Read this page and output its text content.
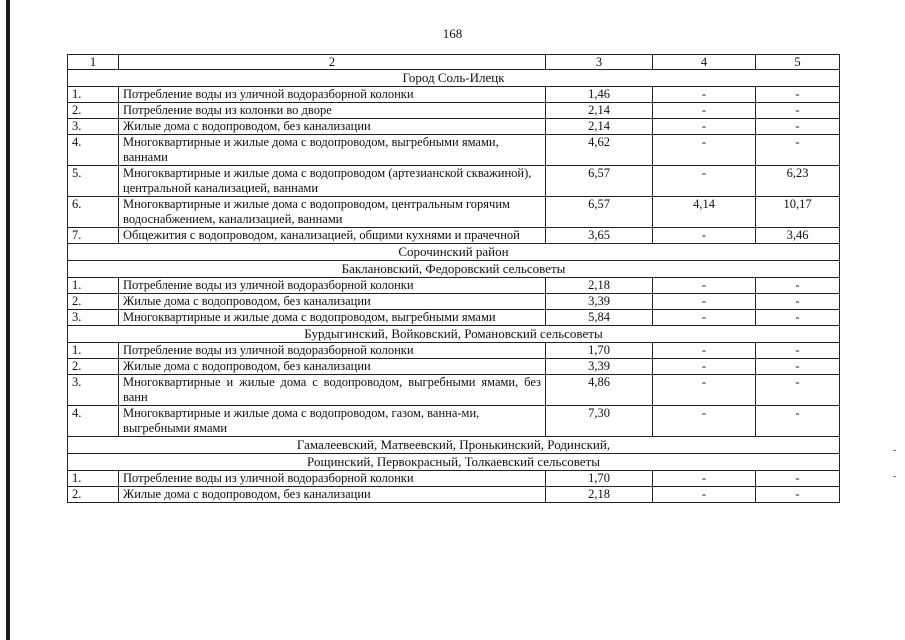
168
1	2	3	4	5
Город Соль-Илецк				
1.	Потребление воды из уличной водоразборной колонки	1,46	-	-
2.	Потребление воды из колонки во дворе	2,14	-	-
3.	Жилые дома с водопроводом, без канализации	2,14	-	-
4.	Многоквартирные и жилые дома с водопроводом, выгребными ямами, ваннами	4,62	-	-
5.	Многоквартирные и жилые дома с водопроводом (артезианской скважиной), центральной канализацией, ваннами	6,57	-	6,23
6.	Многоквартирные и жилые дома с водопроводом, центральным горячим водоснабжением, канализацией, ваннами	6,57	4,14	10,17
7.	Общежития с водопроводом, канализацией, общими кухнями и прачечной	3,65	-	3,46
Сорочинский район				
Баклановский, Федоровский сельсоветы				
1.	Потребление воды из уличной водоразборной колонки	2,18	-	-
2.	Жилые дома с водопроводом, без канализации	3,39	-	-
3.	Многоквартирные и жилые дома с водопроводом, выгребными ямами	5,84	-	-
Бурдыгинский, Войковский, Романовский сельсоветы				
1.	Потребление воды из уличной водоразборной колонки	1,70	-	-
2.	Жилые дома с водопроводом, без канализации	3,39	-	-
3.	Многоквартирные и жилые дома с водопроводом, выгребными ямами, без ванн	4,86	-	-
4.	Многоквартирные и жилые дома с водопроводом, газом, ванна-ми, выгребными ямами	7,30	-	-
Гамалеевский, Матвеевский, Пронькинский, Родинский,				
Рощинский, Первокрасный, Толкаевский сельсоветы				
1.	Потребление воды из уличной водоразборной колонки	1,70	-	-
2.	Жилые дома с водопроводом, без канализации	2,18	-	-
